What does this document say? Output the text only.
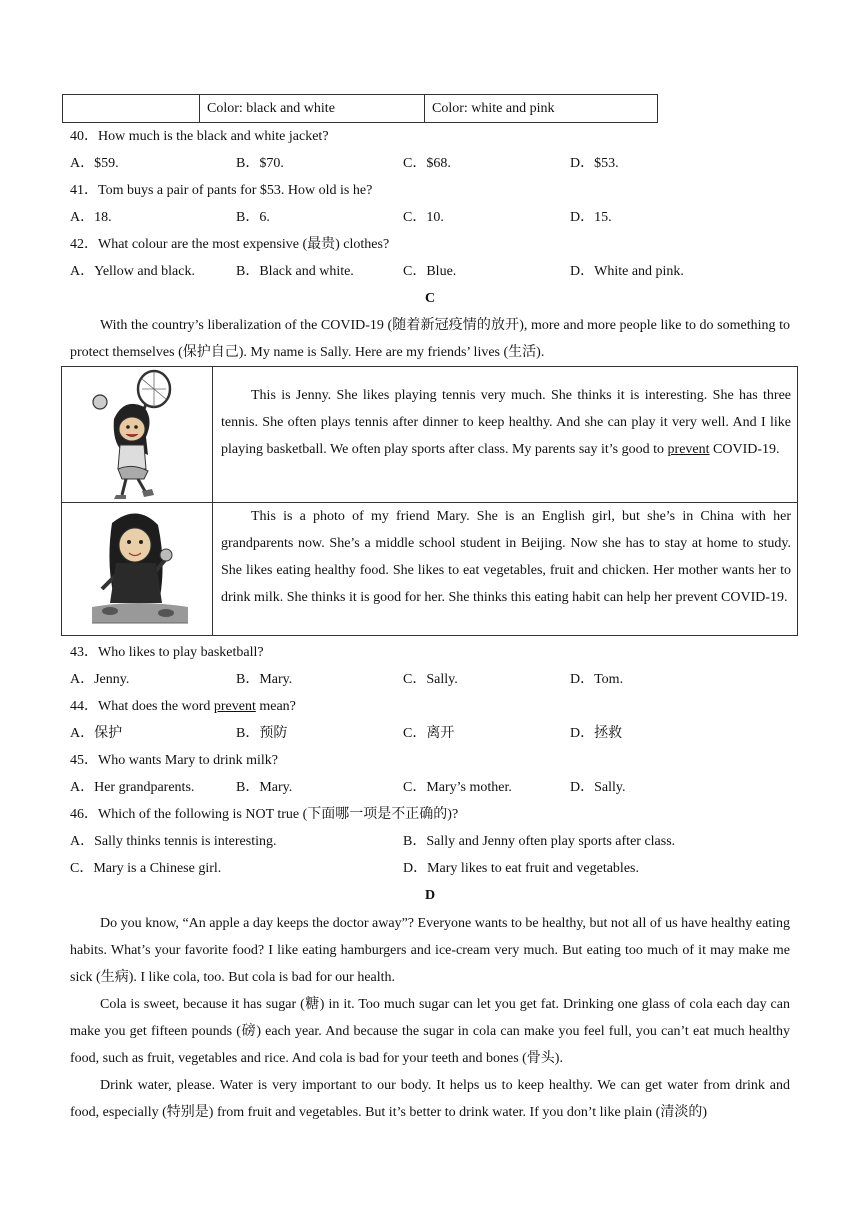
	Color: black and white	Color: white and pink
40．How much is the black and white jacket?
A．$59.	B．$70.	C．$68.	D．$53.
41．Tom buys a pair of pants for $53. How old is he?
A．18.	B．6.	C．10.	D．15.
42．What colour are the most expensive (最贵) clothes?
A．Yellow and black.	B．Black and white.	C．Blue.	D．White and pink.
C
With the country’s liberalization of the COVID-19 (随着新冠疫情的放开), more and more people like to do something to protect themselves (保护自己). My name is Sally. Here are my friends’ lives (生活).

This is Jenny. She likes playing tennis very much. She thinks it is interesting. She has three tennis. She often plays tennis after dinner to keep healthy. And she can play it very well. And I like playing basketball. We often play sports after class. My parents say it’s good to prevent COVID-19.

This is a photo of my friend Mary. She is an English girl, but she’s in China with her grandparents now. She’s a middle school student in Beijing. Now she has to stay at home to study. She likes eating healthy food. She likes to eat vegetables, fruit and chicken. Her mother wants her to drink milk. She thinks it is good for her. She thinks this eating habit can help her prevent COVID-19.

43．Who likes to play basketball?
A．Jenny.	B．Mary.	C．Sally.	D．Tom.
44．What does the word prevent mean?
A．保护	B．预防	C．离开	D．拯救
45．Who wants Mary to drink milk?
A．Her grandparents.	B．Mary.	C．Mary’s mother.	D．Sally.
46．Which of the following is NOT true (下面哪一项是不正确的)?
A．Sally thinks tennis is interesting.	B．Sally and Jenny often play sports after class.
C．Mary is a Chinese girl.	D．Mary likes to eat fruit and vegetables.
D
Do you know, “An apple a day keeps the doctor away”? Everyone wants to be healthy, but not all of us have healthy eating habits. What’s your favorite food? I like eating hamburgers and ice-cream very much. But eating too much of it may make me sick (生病). I like cola, too. But cola is bad for our health.
Cola is sweet, because it has sugar (糖) in it. Too much sugar can let you get fat. Drinking one glass of cola each day can make you get fifteen pounds (磅) each year. And because the sugar in cola can make you feel full, you can’t eat much healthy food, such as fruit, vegetables and rice. And cola is bad for your teeth and bones (骨头).
Drink water, please. Water is very important to our body. It helps us to keep healthy. We can get water from drink and food, especially (特别是) from fruit and vegetables. But it’s better to drink water. If you don’t like plain (清淡的)
